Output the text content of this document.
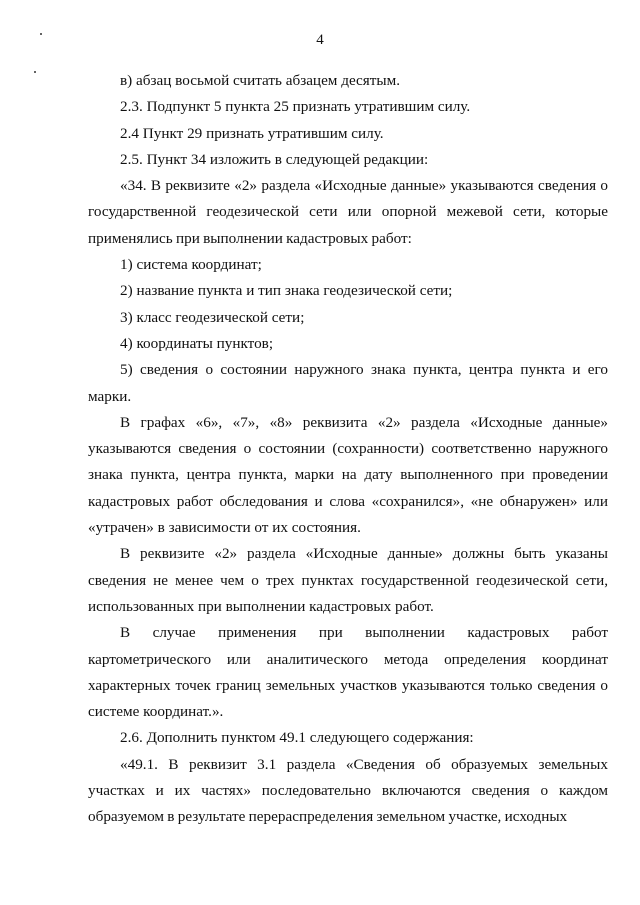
4

в) абзац восьмой считать абзацем десятым.

2.3. Подпункт 5 пункта 25 признать утратившим силу.

2.4 Пункт 29 признать утратившим силу.

2.5. Пункт 34 изложить в следующей редакции:

«34. В реквизите «2» раздела «Исходные данные» указываются сведения о государственной геодезической сети или опорной межевой сети, которые применялись при выполнении кадастровых работ:

1) система координат;

2) название пункта и тип знака геодезической сети;

3) класс геодезической сети;

4) координаты пунктов;

5) сведения о состоянии наружного знака пункта, центра пункта и его марки.

В графах «6», «7», «8» реквизита «2» раздела «Исходные данные» указываются сведения о состоянии (сохранности) соответственно наружного знака пункта, центра пункта, марки на дату выполненного при проведении кадастровых работ обследования и слова «сохранился», «не обнаружен» или «утрачен» в зависимости от их состояния.

В реквизите «2» раздела «Исходные данные» должны быть указаны сведения не менее чем о трех пунктах государственной геодезической сети, использованных при выполнении кадастровых работ.

В случае применения при выполнении кадастровых работ картометрического или аналитического метода определения координат характерных точек границ земельных участков указываются только сведения о системе координат.».

2.6. Дополнить пунктом 49.1 следующего содержания:

«49.1. В реквизит 3.1 раздела «Сведения об образуемых земельных участках и их частях» последовательно включаются сведения о каждом образуемом в результате перераспределения земельном участке, исходных
